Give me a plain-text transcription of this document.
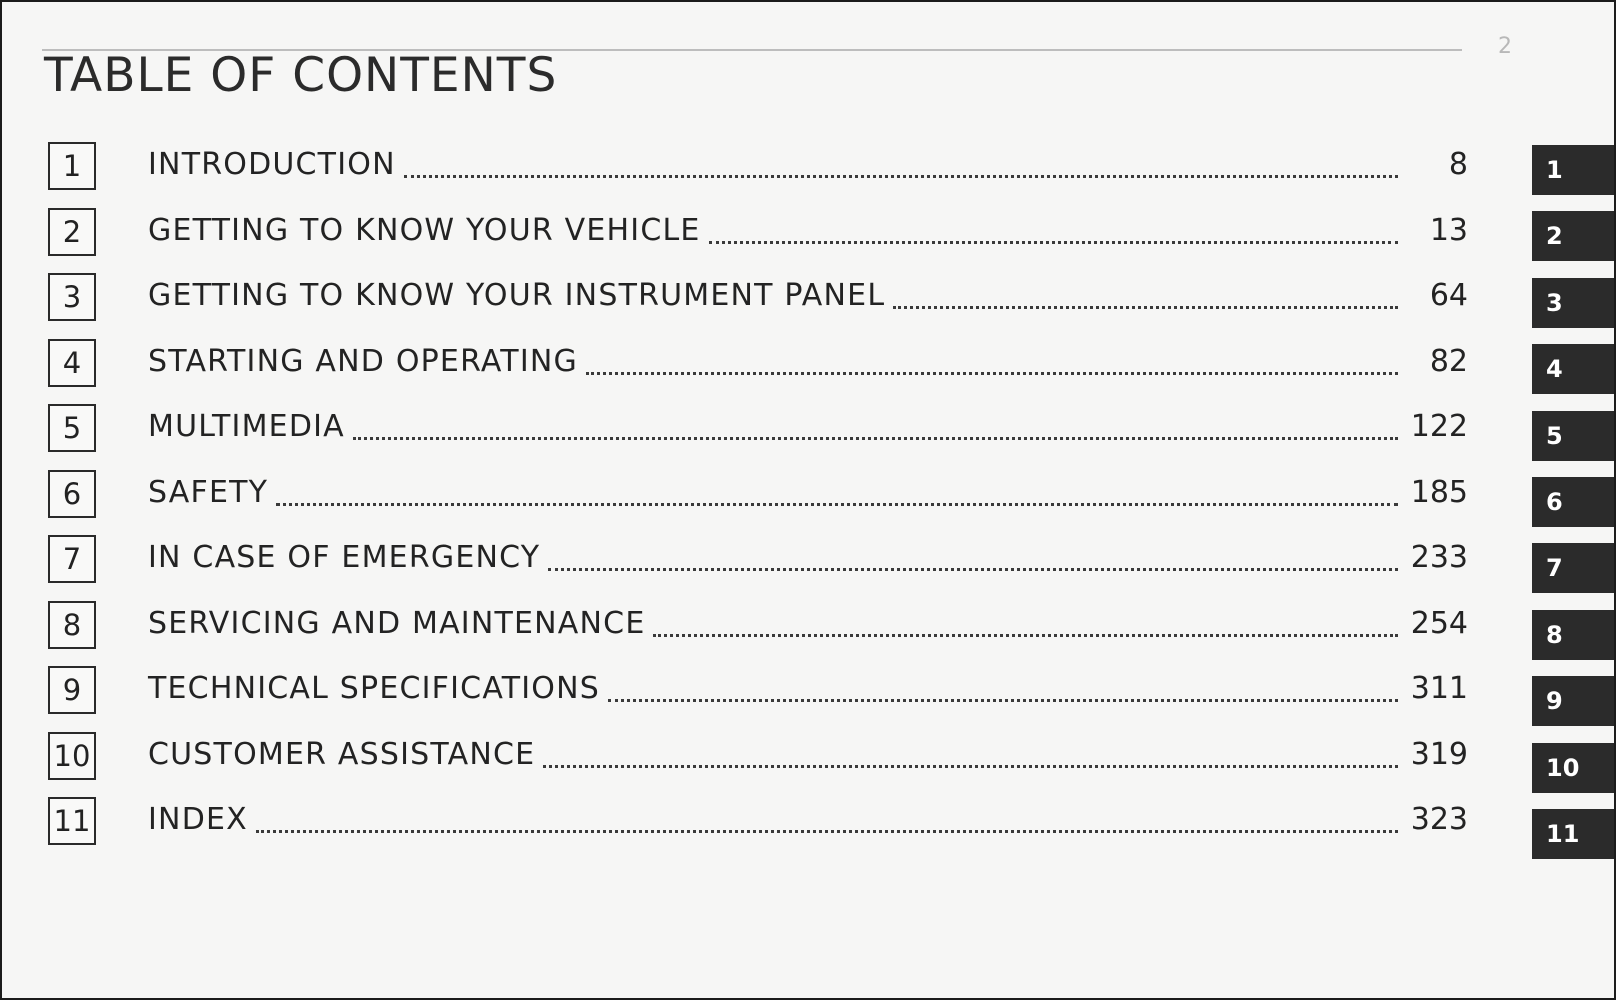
2
TABLE OF CONTENTS
1	INTRODUCTION	8
2	GETTING TO KNOW YOUR VEHICLE	13
3	GETTING TO KNOW YOUR INSTRUMENT PANEL	64
4	STARTING AND OPERATING	82
5	MULTIMEDIA	122
6	SAFETY	185
7	IN CASE OF EMERGENCY	233
8	SERVICING AND MAINTENANCE	254
9	TECHNICAL SPECIFICATIONS	311
10 CUSTOMER ASSISTANCE	319
11 INDEX	323
1
2
3
4
5
6
7
8
9
10
11
